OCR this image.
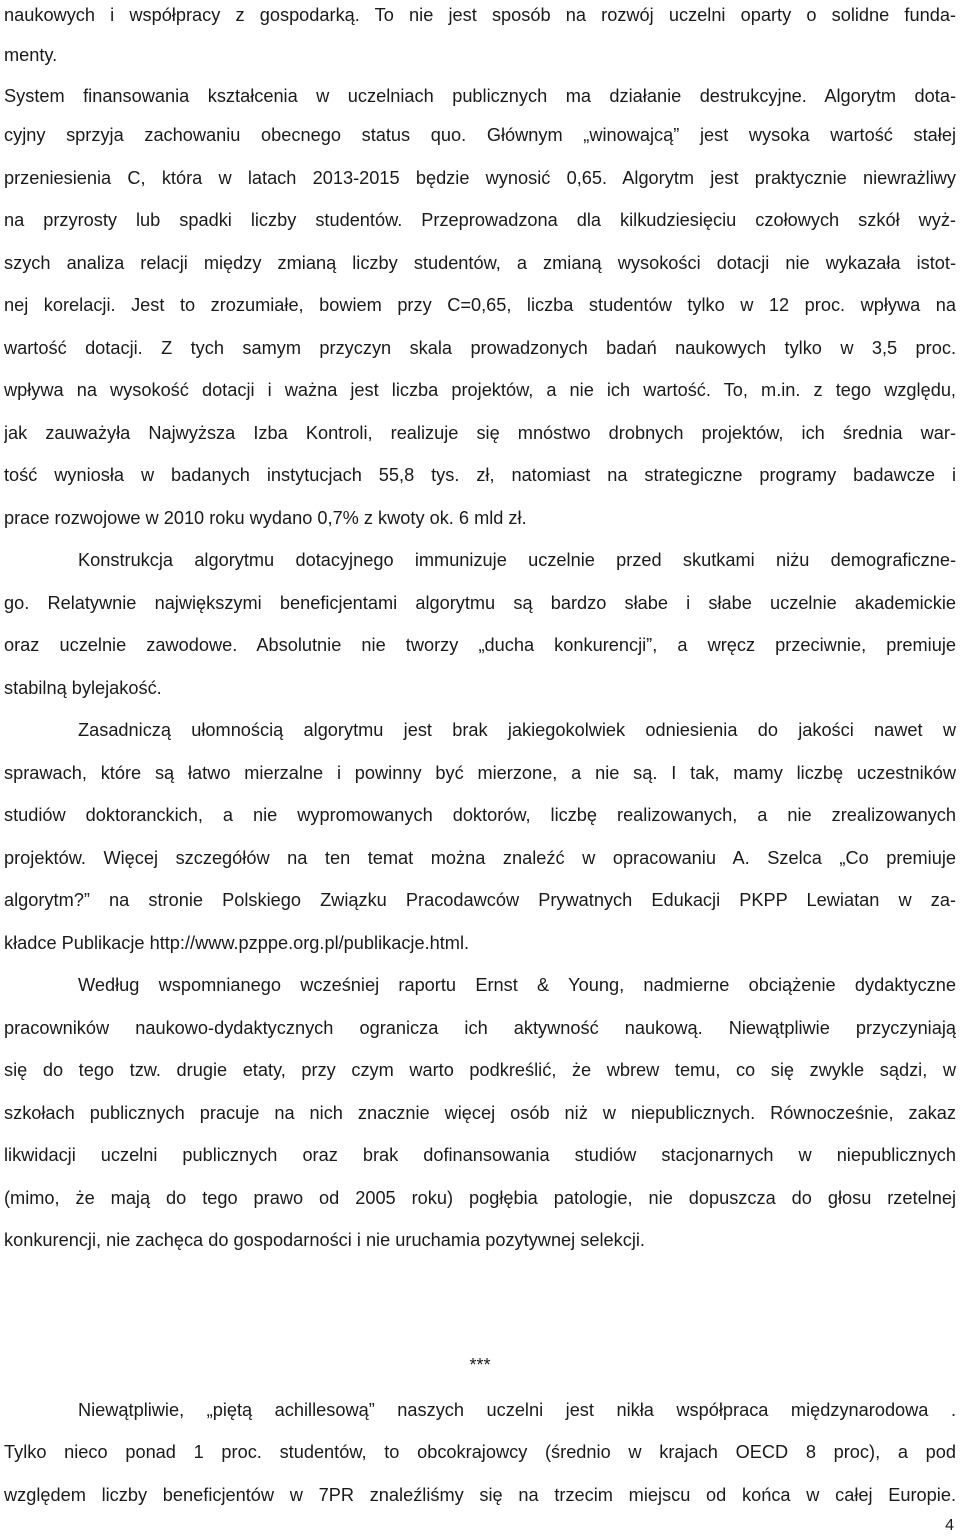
naukowych i współpracy z gospodarką. To nie jest sposób na rozwój uczelni oparty o solidne funda-
menty.
System finansowania kształcenia w uczelniach publicznych ma działanie destrukcyjne. Algorytm dota-
cyjny sprzyja zachowaniu obecnego status quo. Głównym „winowajcą” jest wysoka wartość stałej
przeniesienia C, która w latach 2013-2015 będzie wynosić 0,65. Algorytm jest praktycznie niewrażliwy
na przyrosty lub spadki liczby studentów. Przeprowadzona dla kilkudziesięciu czołowych szkół wyż-
szych analiza relacji między zmianą liczby studentów, a zmianą wysokości dotacji nie wykazała istot-
nej korelacji. Jest to zrozumiałe, bowiem przy C=0,65, liczba studentów tylko w 12 proc. wpływa na
wartość dotacji. Z tych samym przyczyn skala prowadzonych badań naukowych tylko w 3,5 proc.
wpływa na wysokość dotacji i ważna jest liczba projektów, a nie ich wartość. To, m.in. z tego względu,
jak zauważyła Najwyższa Izba Kontroli, realizuje się mnóstwo drobnych projektów, ich średnia war-
tość wyniosła w badanych instytucjach 55,8 tys. zł, natomiast na strategiczne programy badawcze i
prace rozwojowe w 2010 roku wydano 0,7% z kwoty ok. 6 mld zł.
Konstrukcja algorytmu dotacyjnego immunizuje uczelnie przed skutkami niżu demograficzne-
go. Relatywnie największymi beneficjentami algorytmu są bardzo słabe i słabe uczelnie akademickie
oraz uczelnie zawodowe. Absolutnie nie tworzy „ducha konkurencji”, a wręcz przeciwnie, premiuje
stabilną bylejakość.
Zasadniczą ułomnością algorytmu jest brak jakiegokolwiek odniesienia do jakości nawet w
sprawach, które są łatwo mierzalne i powinny być mierzone, a nie są. I tak, mamy liczbę uczestników
studiów doktoranckich, a nie wypromowanych doktorów, liczbę realizowanych, a nie zrealizowanych
projektów. Więcej szczegółów na ten temat można znaleźć w opracowaniu A. Szelca „Co premiuje
algorytm?” na stronie Polskiego Związku Pracodawców Prywatnych Edukacji PKPP Lewiatan w za-
kładce Publikacje http://www.pzppe.org.pl/publikacje.html.
Według wspomnianego wcześniej raportu Ernst & Young, nadmierne obciążenie dydaktyczne
pracowników naukowo-dydaktycznych ogranicza ich aktywność naukową. Niewątpliwie przyczyniają
się do tego tzw. drugie etaty, przy czym warto podkreślić, że wbrew temu, co się zwykle sądzi, w
szkołach publicznych pracuje na nich znacznie więcej osób niż w niepublicznych. Równocześnie, zakaz
likwidacji uczelni publicznych oraz brak dofinansowania studiów stacjonarnych w niepublicznych
(mimo, że mają do tego prawo od 2005 roku) pogłębia patologie, nie dopuszcza do głosu rzetelnej
konkurencji, nie zachęca do gospodarności i nie uruchamia pozytywnej selekcji.
***
Niewątpliwie, „piętą achillesową” naszych uczelni jest nikła współpraca międzynarodowa .
Tylko nieco ponad 1 proc. studentów, to obcokrajowcy (średnio w krajach OECD 8 proc), a pod
względem liczby beneficjentów w 7PR znaleźliśmy się na trzecim miejscu od końca w całej Europie.
4
